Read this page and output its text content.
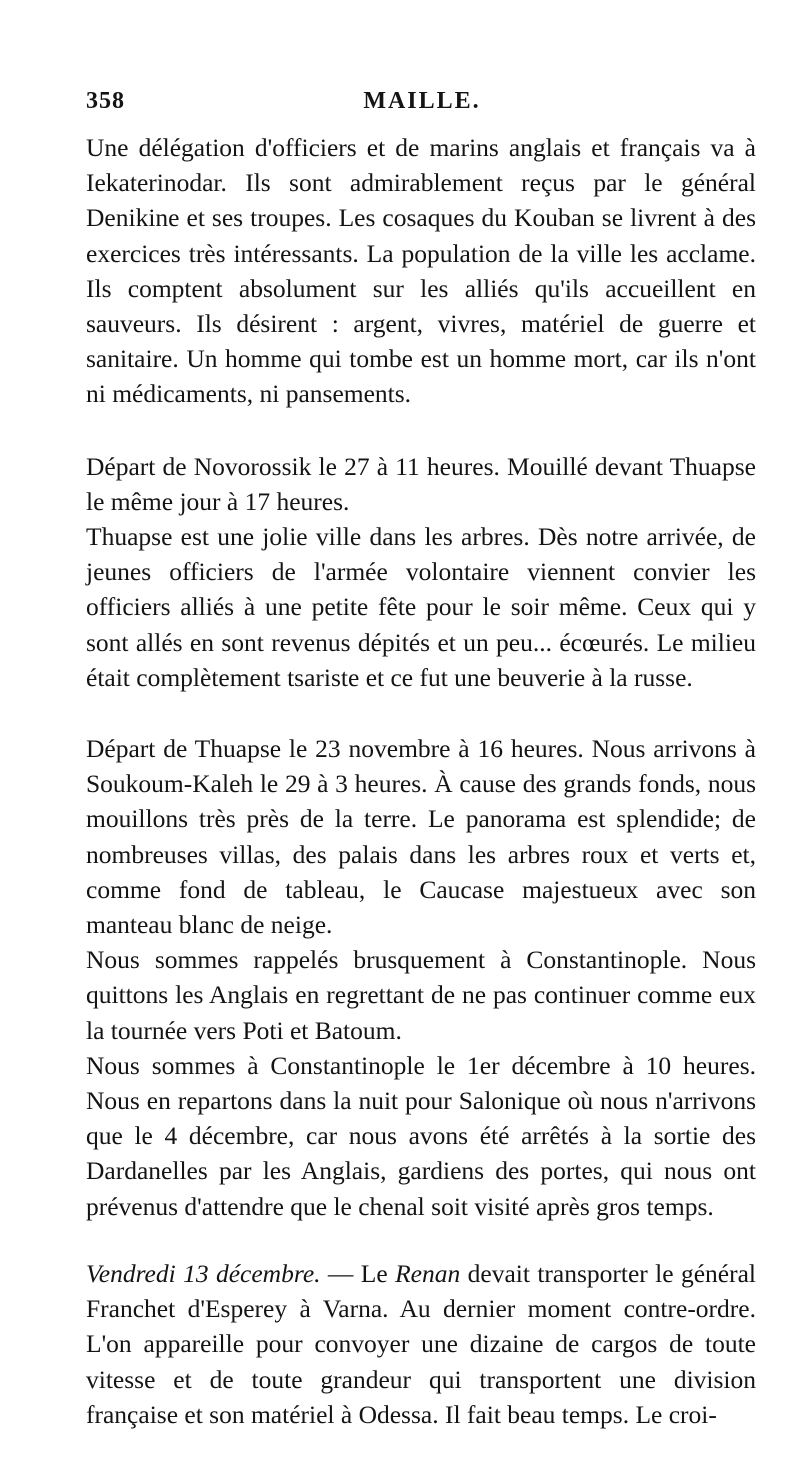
358	MAILLE.

Une délégation d'officiers et de marins anglais et français va à Iekaterinodar. Ils sont admirablement reçus par le général Denikine et ses troupes. Les cosaques du Kouban se livrent à des exercices très intéressants. La population de la ville les acclame. Ils comptent absolument sur les alliés qu'ils accueillent en sauveurs. Ils désirent : argent, vivres, matériel de guerre et sanitaire. Un homme qui tombe est un homme mort, car ils n'ont ni médicaments, ni pansements.

Départ de Novorossik le 27 à 11 heures. Mouillé devant Thuapse le même jour à 17 heures.

Thuapse est une jolie ville dans les arbres. Dès notre arrivée, de jeunes officiers de l'armée volontaire viennent convier les officiers alliés à une petite fête pour le soir même. Ceux qui y sont allés en sont revenus dépités et un peu... écœurés. Le milieu était complètement tsariste et ce fut une beuverie à la russe.

Départ de Thuapse le 23 novembre à 16 heures. Nous arrivons à Soukoum-Kaleh le 29 à 3 heures. À cause des grands fonds, nous mouillons très près de la terre. Le panorama est splendide; de nombreuses villas, des palais dans les arbres roux et verts et, comme fond de tableau, le Caucase majestueux avec son manteau blanc de neige.

Nous sommes rappelés brusquement à Constantinople. Nous quittons les Anglais en regrettant de ne pas continuer comme eux la tournée vers Poti et Batoum.

Nous sommes à Constantinople le 1er décembre à 10 heures. Nous en repartons dans la nuit pour Salonique où nous n'arrivons que le 4 décembre, car nous avons été arrêtés à la sortie des Dardanelles par les Anglais, gardiens des portes, qui nous ont prévenus d'attendre que le chenal soit visité après gros temps.

Vendredi 13 décembre. — Le Renan devait transporter le général Franchet d'Esperey à Varna. Au dernier moment contre-ordre. L'on appareille pour convoyer une dizaine de cargos de toute vitesse et de toute grandeur qui transportent une division française et son matériel à Odessa. Il fait beau temps. Le croi-
